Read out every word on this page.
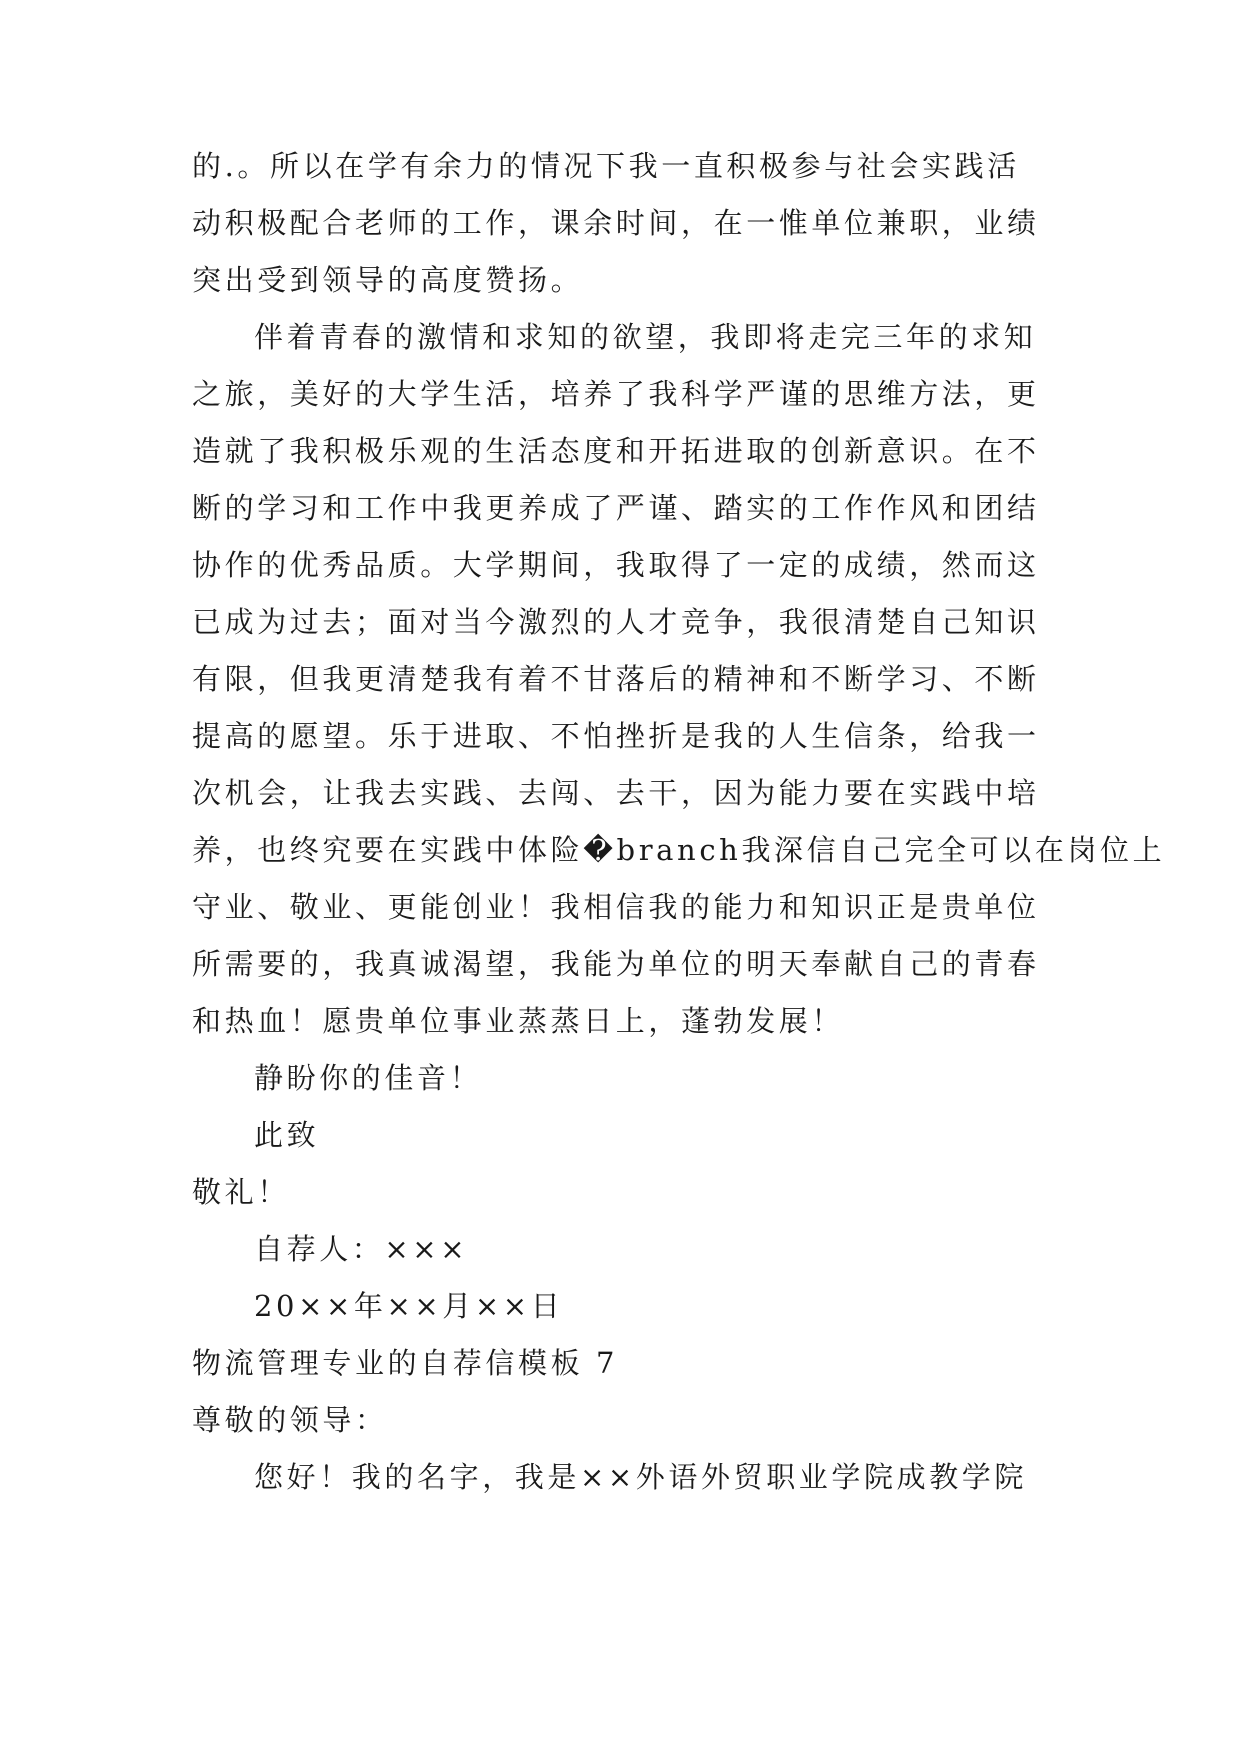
的.。所以在学有余力的情况下我一直积极参与社会实践活
动积极配合老师的工作，课余时间，在一惟单位兼职，业绩
突出受到领导的高度赞扬。
伴着青春的激情和求知的欲望，我即将走完三年的求知
之旅，美好的大学生活，培养了我科学严谨的思维方法，更
造就了我积极乐观的生活态度和开拓进取的创新意识。在不
断的学习和工作中我更养成了严谨、踏实的工作作风和团结
协作的优秀品质。大学期间，我取得了一定的成绩，然而这
已成为过去；面对当今激烈的人才竞争，我很清楚自己知识
有限，但我更清楚我有着不甘落后的精神和不断学习、不断
提高的愿望。乐于进取、不怕挫折是我的人生信条，给我一
次机会，让我去实践、去闯、去干，因为能力要在实践中培
养，也终究要在实践中体险�branch我深信自己完全可以在岗位上
守业、敬业、更能创业！我相信我的能力和知识正是贵单位
所需要的，我真诚渴望，我能为单位的明天奉献自己的青春
和热血！愿贵单位事业蒸蒸日上，蓬勃发展！
静盼你的佳音！
此致
敬礼！
自荐人：×××
20××年××月××日
物流管理专业的自荐信模板 7
尊敬的领导：
您好！我的名字，我是××外语外贸职业学院成教学院
